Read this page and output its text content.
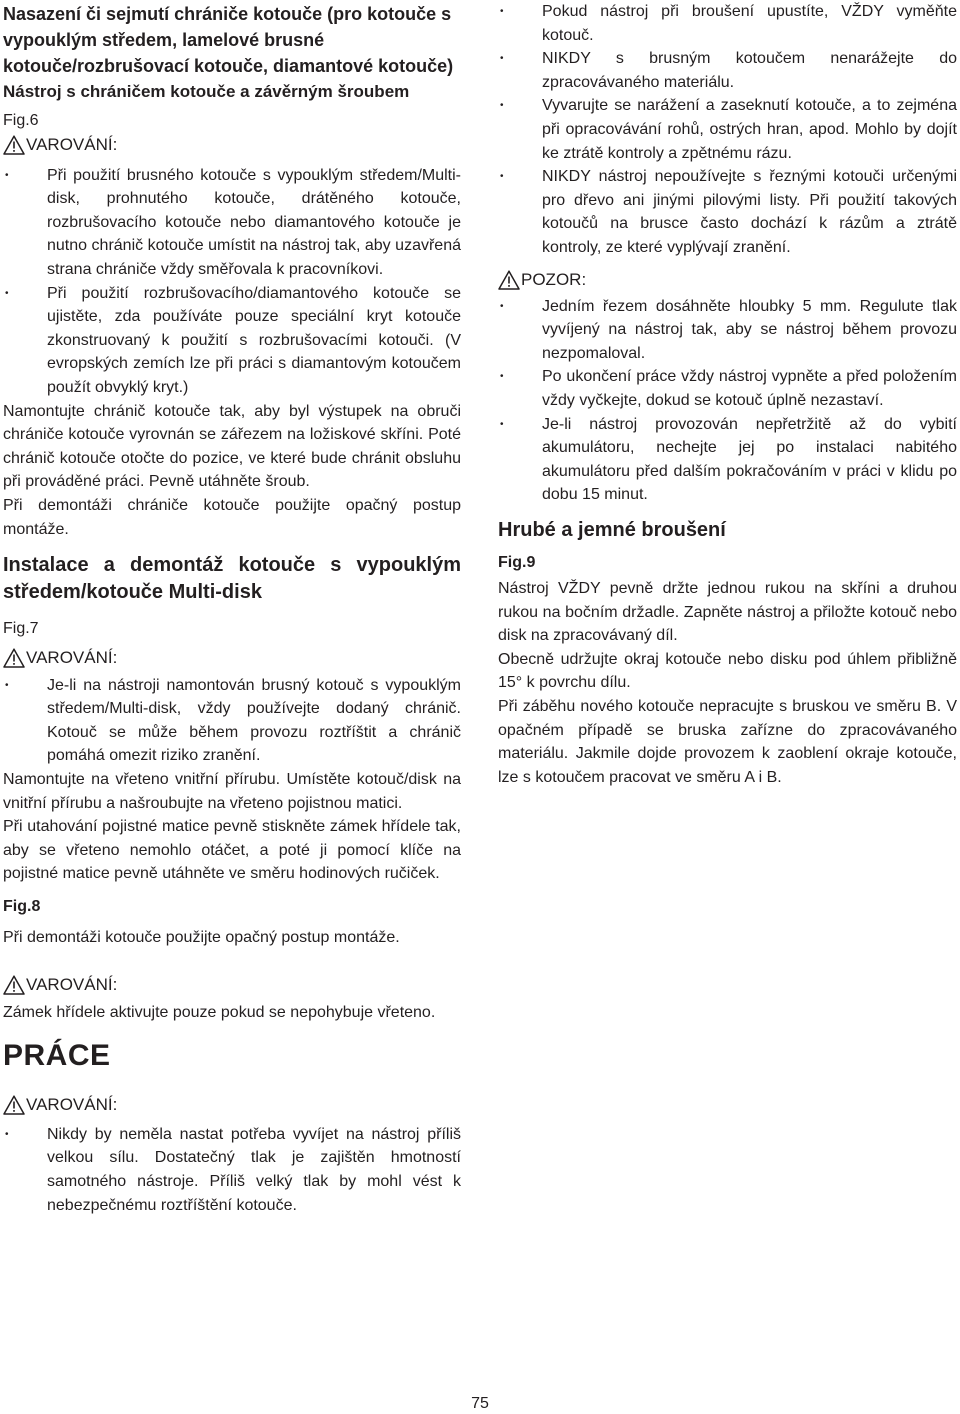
Nasazení či sejmutí chrániče kotouče (pro kotouče s vypouklým středem, lamelové brusné kotouče/rozbrušovací kotouče, diamantové kotouče)

Nástroj s chráničem kotouče a závěrným šroubem

Fig.6

VAROVÁNÍ:
• Při použití brusného kotouče s vypouklým středem/Multi-disk, prohnutého kotouče, drátěného kotouče, rozbrušovacího kotouče nebo diamantového kotouče je nutno chránič kotouče umístit na nástroj tak, aby uzavřená strana chrániče vždy směřovala k pracovníkovi.
• Při použití rozbrušovacího/diamantového kotouče se ujistěte, zda používáte pouze speciální kryt kotouče zkonstruovaný k použití s rozbrušovacími kotouči. (V evropských zemích lze při práci s diamantovým kotoučem použít obvyklý kryt.)

Namontujte chránič kotouče tak, aby byl výstupek na obruči chrániče kotouče vyrovnán se zářezem na ložiskové skříni. Poté chránič kotouče otočte do pozice, ve které bude chránit obsluhu při prováděné práci. Pevně utáhněte šroub.

Při demontáži chrániče kotouče použijte opačný postup montáže.

Instalace a demontáž kotouče s vypouklým středem/kotouče Multi-disk

Fig.7

VAROVÁNÍ:
• Je-li na nástroji namontován brusný kotouč s vypouklým středem/Multi-disk, vždy používejte dodaný chránič. Kotouč se může během provozu roztříštit a chránič pomáhá omezit riziko zranění.

Namontujte na vřeteno vnitřní přírubu. Umístěte kotouč/disk na vnitřní přírubu a našroubujte na vřeteno pojistnou matici.

Při utahování pojistné matice pevně stiskněte zámek hřídele tak, aby se vřeteno nemohlo otáčet, a poté ji pomocí klíče na pojistné matice pevně utáhněte ve směru hodinových ručiček.

Fig.8

Při demontáži kotouče použijte opačný postup montáže.

VAROVÁNÍ:

Zámek hřídele aktivujte pouze pokud se nepohybuje vřeteno.

PRÁCE

VAROVÁNÍ:
• Nikdy by neměla nastat potřeba vyvíjet na nástroj příliš velkou sílu. Dostatečný tlak je zajištěn hmotností samotného nástroje. Příliš velký tlak by mohl vést k nebezpečnému roztříštění kotouče.
• Pokud nástroj při broušení upustíte, VŽDY vyměňte kotouč.
• NIKDY s brusným kotoučem nenarážejte do zpracovávaného materiálu.
• Vyvarujte se narážení a zaseknutí kotouče, a to zejména při opracovávání rohů, ostrých hran, apod. Mohlo by dojít ke ztrátě kontroly a zpětnému rázu.
• NIKDY nástroj nepoužívejte s řeznými kotouči určenými pro dřevo ani jinými pilovými listy. Při použití takových kotoučů na brusce často dochází k rázům a ztrátě kontroly, ze které vyplývají zranění.
POZOR:
• Jedním řezem dosáhněte hloubky 5 mm. Regulute tlak vyvíjený na nástroj tak, aby se nástroj během provozu nezpomaloval.
• Po ukončení práce vždy nástroj vypněte a před položením vždy vyčkejte, dokud se kotouč úplně nezastaví.
• Je-li nástroj provozován nepřetržitě až do vybití akumulátoru, nechejte jej po instalaci nabitého akumulátoru před dalším pokračováním v práci v klidu po dobu 15 minut.

Hrubé a jemné broušení

Fig.9

Nástroj VŽDY pevně držte jednou rukou na skříni a druhou rukou na bočním držadle. Zapněte nástroj a přiložte kotouč nebo disk na zpracovávaný díl.

Obecně udržujte okraj kotouče nebo disku pod úhlem přibližně 15° k povrchu dílu.

Při záběhu nového kotouče nepracujte s bruskou ve směru B. V opačném případě se bruska zařízne do zpracovávaného materiálu. Jakmile dojde provozem k zaoblení okraje kotouče, lze s kotoučem pracovat ve směru A i B.

75
